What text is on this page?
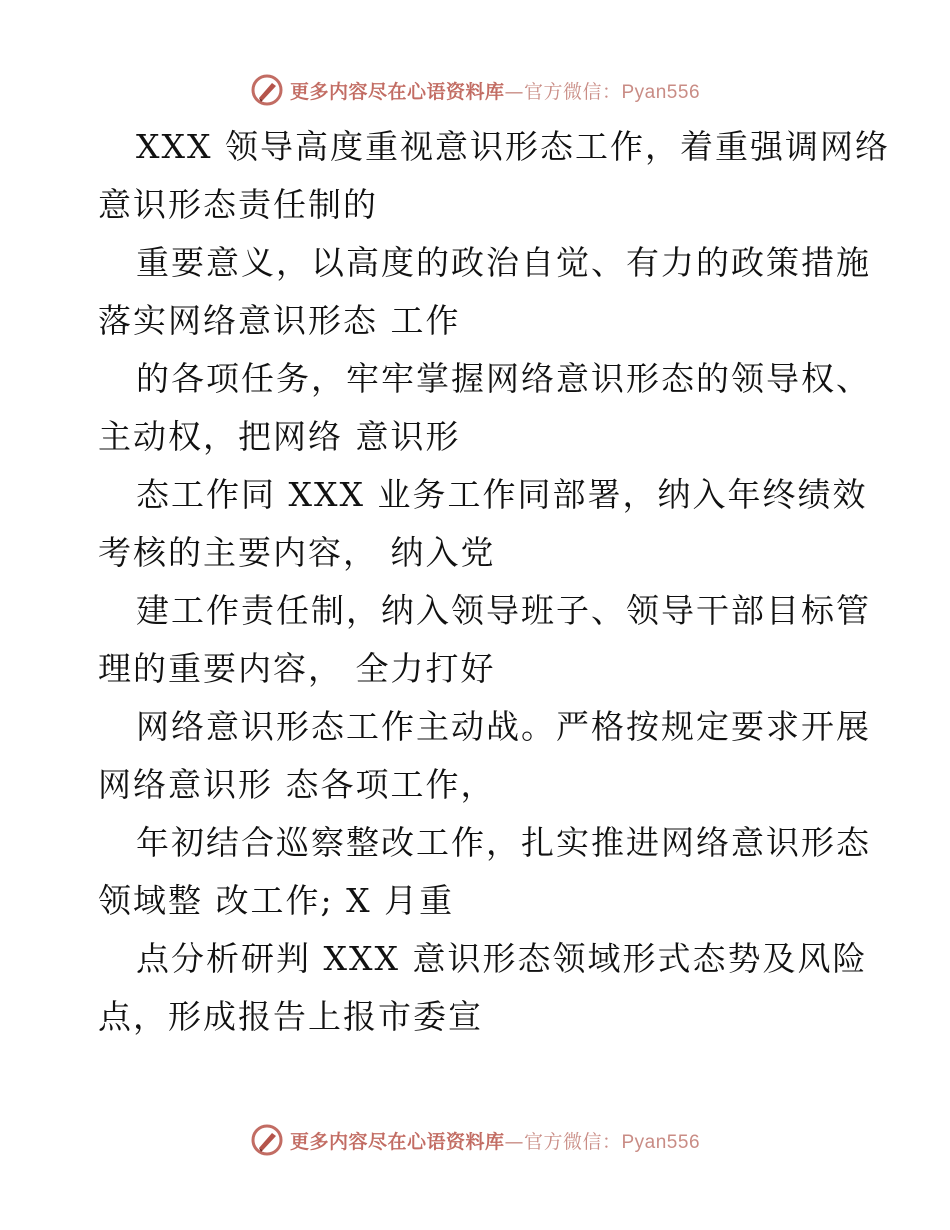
更多内容尽在心语资料库—官方微信：Pyan556

XXX 领导高度重视意识形态工作，着重强调网络
意识形态责任制的

重要意义，以高度的政治自觉、有力的政策措施
落实网络意识形态 工作

的各项任务，牢牢掌握网络意识形态的领导权、
主动权，把网络 意识形

态工作同 XXX 业务工作同部署，纳入年终绩效
考核的主要内容， 纳入党

建工作责任制，纳入领导班子、领导干部目标管
理的重要内容， 全力打好

网络意识形态工作主动战。严格按规定要求开展
网络意识形 态各项工作，

年初结合巡察整改工作，扎实推进网络意识形态
领域整 改工作; X 月重

点分析研判 XXX 意识形态领域形式态势及风险
点，形成报告上报市委宣

更多内容尽在心语资料库—官方微信：Pyan556
